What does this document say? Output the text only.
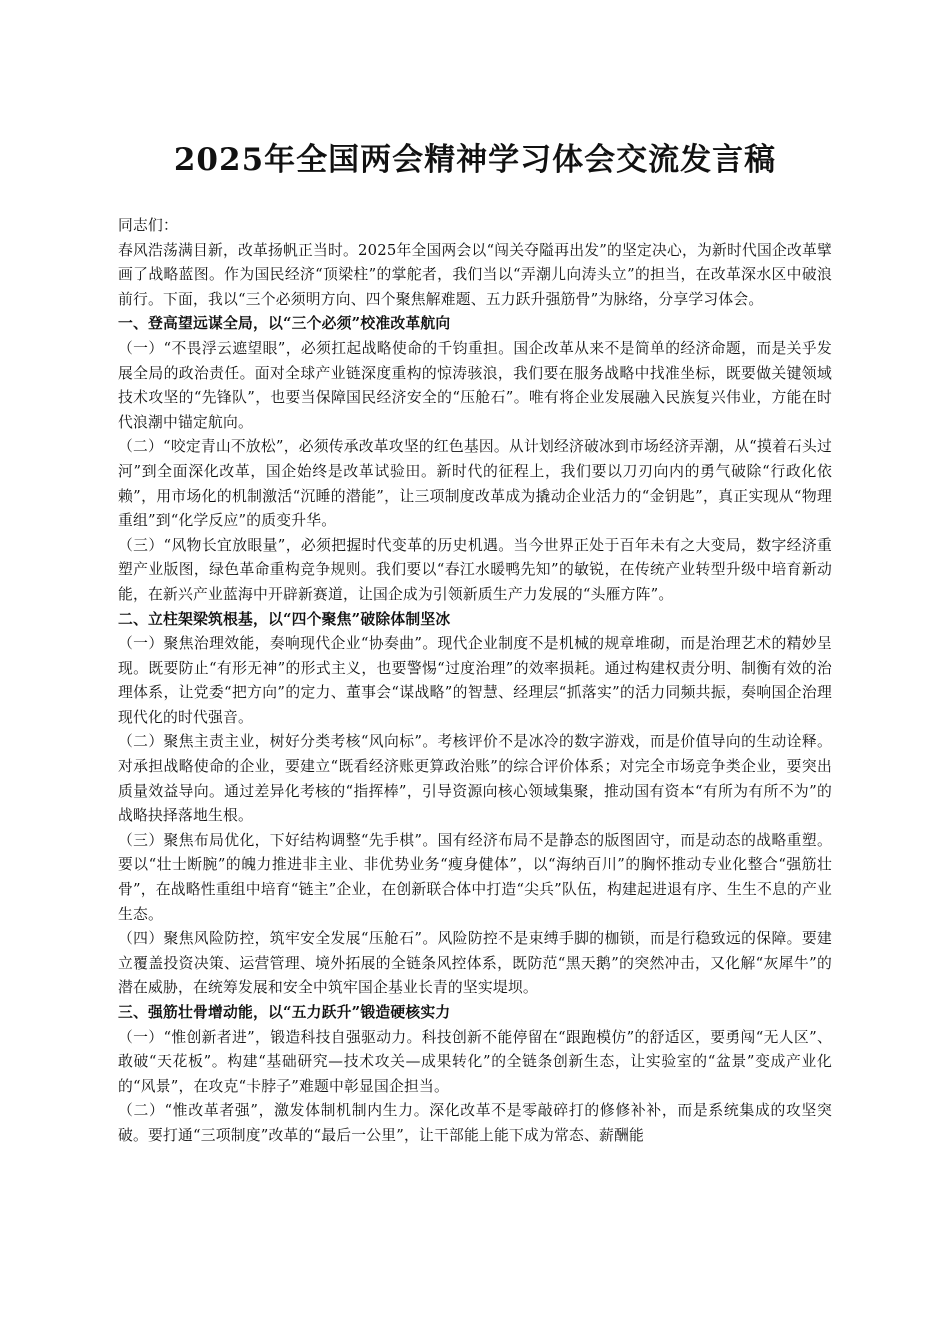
2025年全国两会精神学习体会交流发言稿

同志们：

春风浩荡满目新，改革扬帆正当时。2025年全国两会以“闯关夺隘再出发”的坚定决心，为新时代国企改革擘画了战略蓝图。作为国民经济“顶梁柱”的掌舵者，我们当以“弄潮儿向涛头立”的担当，在改革深水区中破浪前行。下面，我以“三个必须明方向、四个聚焦解难题、五力跃升强筋骨”为脉络，分享学习体会。

一、登高望远谋全局，以“三个必须”校准改革航向

（一）“不畏浮云遮望眼”，必须扛起战略使命的千钧重担。国企改革从来不是简单的经济命题，而是关乎发展全局的政治责任。面对全球产业链深度重构的惊涛骇浪，我们要在服务战略中找准坐标，既要做关键领域技术攻坚的“先锋队”，也要当保障国民经济安全的“压舱石”。唯有将企业发展融入民族复兴伟业，方能在时代浪潮中锚定航向。

（二）“咬定青山不放松”，必须传承改革攻坚的红色基因。从计划经济破冰到市场经济弄潮，从“摸着石头过河”到全面深化改革，国企始终是改革试验田。新时代的征程上，我们要以刀刃向内的勇气破除“行政化依赖”，用市场化的机制激活“沉睡的潜能”，让三项制度改革成为撬动企业活力的“金钥匙”，真正实现从“物理重组”到“化学反应”的质变升华。

（三）“风物长宜放眼量”，必须把握时代变革的历史机遇。当今世界正处于百年未有之大变局，数字经济重塑产业版图，绿色革命重构竞争规则。我们要以“春江水暖鸭先知”的敏锐，在传统产业转型升级中培育新动能，在新兴产业蓝海中开辟新赛道，让国企成为引领新质生产力发展的“头雁方阵”。

二、立柱架梁筑根基，以“四个聚焦”破除体制坚冰

（一）聚焦治理效能，奏响现代企业“协奏曲”。现代企业制度不是机械的规章堆砌，而是治理艺术的精妙呈现。既要防止“有形无神”的形式主义，也要警惕“过度治理”的效率损耗。通过构建权责分明、制衡有效的治理体系，让党委“把方向”的定力、董事会“谋战略”的智慧、经理层“抓落实”的活力同频共振，奏响国企治理现代化的时代强音。

（二）聚焦主责主业，树好分类考核“风向标”。考核评价不是冰冷的数字游戏，而是价值导向的生动诠释。对承担战略使命的企业，要建立“既看经济账更算政治账”的综合评价体系；对完全市场竞争类企业，要突出质量效益导向。通过差异化考核的“指挥棒”，引导资源向核心领域集聚，推动国有资本“有所为有所不为”的战略抉择落地生根。

（三）聚焦布局优化，下好结构调整“先手棋”。国有经济布局不是静态的版图固守，而是动态的战略重塑。要以“壮士断腕”的魄力推进非主业、非优势业务“瘦身健体”，以“海纳百川”的胸怀推动专业化整合“强筋壮骨”，在战略性重组中培育“链主”企业，在创新联合体中打造“尖兵”队伍，构建起进退有序、生生不息的产业生态。

（四）聚焦风险防控，筑牢安全发展“压舱石”。风险防控不是束缚手脚的枷锁，而是行稳致远的保障。要建立覆盖投资决策、运营管理、境外拓展的全链条风控体系，既防范“黑天鹅”的突然冲击，又化解“灰犀牛”的潜在威胁，在统筹发展和安全中筑牢国企基业长青的坚实堤坝。

三、强筋壮骨增动能，以“五力跃升”锻造硬核实力

（一）“惟创新者进”，锻造科技自强驱动力。科技创新不能停留在“跟跑模仿”的舒适区，要勇闯“无人区”、敢破“天花板”。构建“基础研究—技术攻关—成果转化”的全链条创新生态，让实验室的“盆景”变成产业化的“风景”，在攻克“卡脖子”难题中彰显国企担当。

（二）“惟改革者强”，激发体制机制内生力。深化改革不是零敲碎打的修修补补，而是系统集成的攻坚突破。要打通“三项制度”改革的“最后一公里”，让干部能上能下成为常态、薪酬能
